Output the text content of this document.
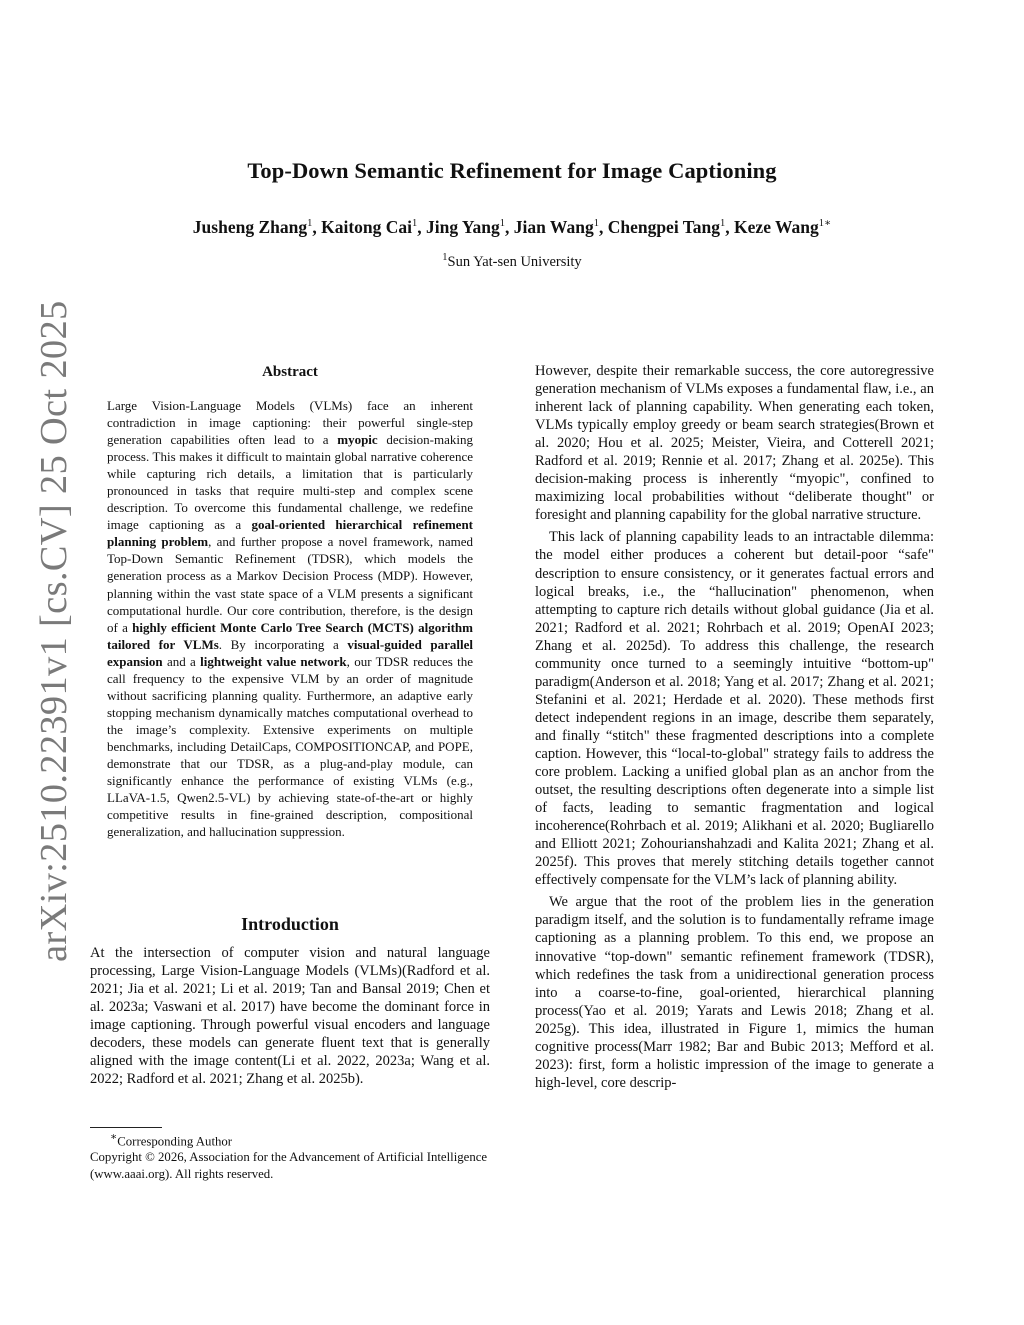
arXiv:2510.22391v1 [cs.CV] 25 Oct 2025
Top-Down Semantic Refinement for Image Captioning
Jusheng Zhang$^1$, Kaitong Cai$^1$, Jing Yang$^1$, Jian Wang$^1$, Chengpei Tang$^1$, Keze Wang$^{1∗}$
$^1$Sun Yat-sen University
Abstract
Large Vision-Language Models (VLMs) face an inherent contradiction in image captioning: their powerful single-step generation capabilities often lead to a myopic decision-making process. This makes it difficult to maintain global narrative coherence while capturing rich details, a limitation that is particularly pronounced in tasks that require multi-step and complex scene description. To overcome this fundamental challenge, we redefine image captioning as a goal-oriented hierarchical refinement planning problem, and further propose a novel framework, named Top-Down Semantic Refinement (TDSR), which models the generation process as a Markov Decision Process (MDP). However, planning within the vast state space of a VLM presents a significant computational hurdle. Our core contribution, therefore, is the design of a highly efficient Monte Carlo Tree Search (MCTS) algorithm tailored for VLMs. By incorporating a visual-guided parallel expansion and a lightweight value network, our TDSR reduces the call frequency to the expensive VLM by an order of magnitude without sacrificing planning quality. Furthermore, an adaptive early stopping mechanism dynamically matches computational overhead to the image’s complexity. Extensive experiments on multiple benchmarks, including DetailCaps, COMPOSITIONCAP, and POPE, demonstrate that our TDSR, as a plug-and-play module, can significantly enhance the performance of existing VLMs (e.g., LLaVA-1.5, Qwen2.5-VL) by achieving state-of-the-art or highly competitive results in fine-grained description, compositional generalization, and hallucination suppression.
Introduction
At the intersection of computer vision and natural language processing, Large Vision-Language Models (VLMs)(Radford et al. 2021; Jia et al. 2021; Li et al. 2019; Tan and Bansal 2019; Chen et al. 2023a; Vaswani et al. 2017) have become the dominant force in image captioning. Through powerful visual encoders and language decoders, these models can generate fluent text that is generally aligned with the image content(Li et al. 2022, 2023a; Wang et al. 2022; Radford et al. 2021; Zhang et al. 2025b).

∗Corresponding Author

Copyright © 2026, Association for the Advancement of Artificial Intelligence (www.aaai.org). All rights reserved.

However, despite their remarkable success, the core autoregressive generation mechanism of VLMs exposes a fundamental flaw, i.e., an inherent lack of planning capability. When generating each token, VLMs typically employ greedy or beam search strategies(Brown et al. 2020; Hou et al. 2025; Meister, Vieira, and Cotterell 2021; Radford et al. 2019; Rennie et al. 2017; Zhang et al. 2025e). This decision-making process is inherently “myopic", confined to maximizing local probabilities without “deliberate thought" or foresight and planning capability for the global narrative structure.

This lack of planning capability leads to an intractable dilemma: the model either produces a coherent but detail-poor “safe" description to ensure consistency, or it generates factual errors and logical breaks, i.e., the “hallucination" phenomenon, when attempting to capture rich details without global guidance (Jia et al. 2021; Radford et al. 2021; Rohrbach et al. 2019; OpenAI 2023; Zhang et al. 2025d). To address this challenge, the research community once turned to a seemingly intuitive “bottom-up" paradigm(Anderson et al. 2018; Yang et al. 2017; Zhang et al. 2021; Stefanini et al. 2021; Herdade et al. 2020). These methods first detect independent regions in an image, describe them separately, and finally “stitch" these fragmented descriptions into a complete caption. However, this “local-to-global" strategy fails to address the core problem. Lacking a unified global plan as an anchor from the outset, the resulting descriptions often degenerate into a simple list of facts, leading to semantic fragmentation and logical incoherence(Rohrbach et al. 2019; Alikhani et al. 2020; Bugliarello and Elliott 2021; Zohourianshahzadi and Kalita 2021; Zhang et al. 2025f). This proves that merely stitching details together cannot effectively compensate for the VLM’s lack of planning ability.

We argue that the root of the problem lies in the generation paradigm itself, and the solution is to fundamentally reframe image captioning as a planning problem. To this end, we propose an innovative “top-down" semantic refinement framework (TDSR), which redefines the task from a unidirectional generation process into a coarse-to-fine, goal-oriented, hierarchical planning process(Yao et al. 2019; Yarats and Lewis 2018; Zhang et al. 2025g). This idea, illustrated in Figure 1, mimics the human cognitive process(Marr 1982; Bar and Bubic 2013; Mefford et al. 2023): first, form a holistic impression of the image to generate a high-level, core descrip-
